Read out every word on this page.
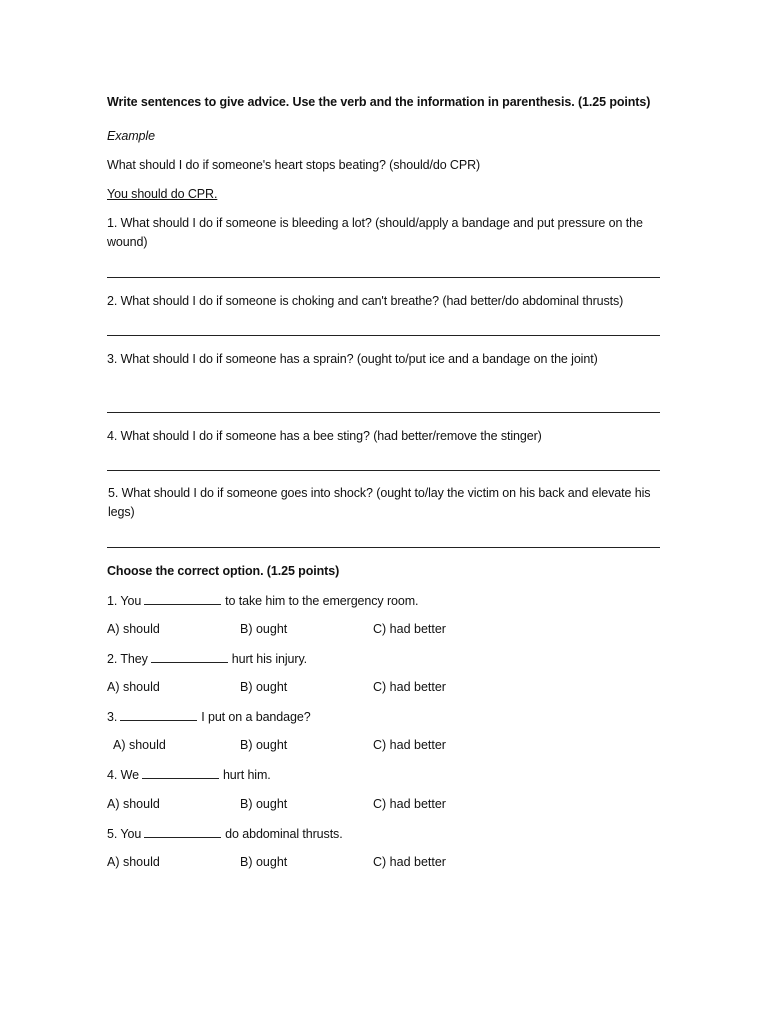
Write sentences to give advice. Use the verb and the information in parenthesis. (1.25 points)
Example
What should I do if someone's heart stops beating? (should/do CPR)
You should do CPR.
1. What should I do if someone is bleeding a lot? (should/apply a bandage and put pressure on the wound)
2. What should I do if someone is choking and can't breathe? (had better/do abdominal thrusts)
3. What should I do if someone has a sprain? (ought to/put ice and a bandage on the joint)
4. What should I do if someone has a bee sting? (had better/remove the stinger)
5. What should I do if someone goes into shock? (ought to/lay the victim on his back and elevate his legs)
Choose the correct option. (1.25 points)
1. You	to take him to the emergency room.
A) should	B) ought	C) had better
2. They	hurt his injury.
A) should	B) ought	C) had better
3.	I put on a bandage?
A) should	B) ought	C) had better
4. We	hurt him.
A) should	B) ought	C) had better
5. You	do abdominal thrusts.
A) should	B) ought	C) had better
